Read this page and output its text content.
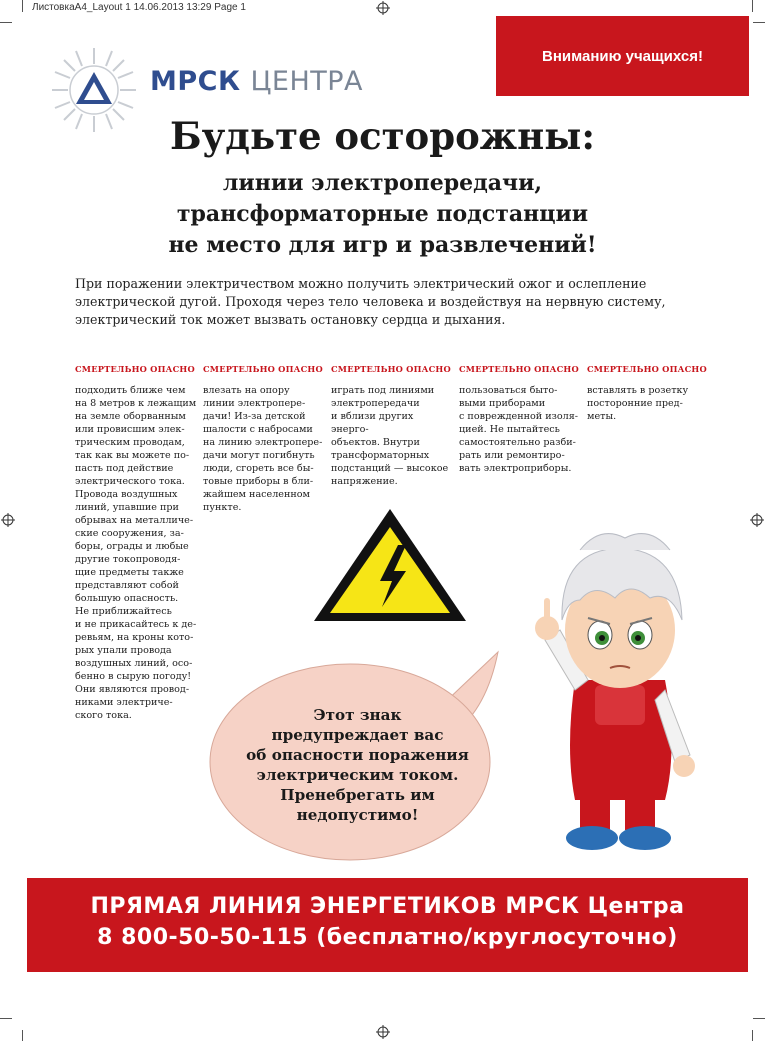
ЛистовкаА4_Layout 1 14.06.2013 13:29 Page 1
Вниманию учащихся!
МРСК ЦЕНТРА
Будьте осторожны:
линии электропередачи,
трансформаторные подстанции
не место для игр и развлечений!
При поражении электричеством можно получить электрический ожог и ослепление электрической дугой. Проходя через тело человека и воздействуя на нервную систему, электрический ток может вызвать остановку сердца и дыхания.
СМЕРТЕЛЬНО ОПАСНО
подходить ближе чем
на 8 метров к лежащим
на земле оборванным
или провисшим элек-
трическим проводам,
так как вы можете по-
пасть под действие
электрического тока.
Провода воздушных
линий, упавшие при
обрывах на металличе-
ские сооружения, за-
боры, ограды и любые
другие токопроводя-
щие предметы также
представляют собой
большую опасность.
Не приближайтесь
и не прикасайтесь к де-
ревьям, на кроны кото-
рых упали провода
воздушных линий, осо-
бенно в сырую погоду!
Они являются провод-
никами электриче-
ского тока.
СМЕРТЕЛЬНО ОПАСНО
влезать на опору
линии электропере-
дачи! Из-за детской
шалости с набросами
на линию электропере-
дачи могут погибнуть
люди, сгореть все бы-
товые приборы в бли-
жайшем населенном
пункте.
СМЕРТЕЛЬНО ОПАСНО
играть под линиями
электропередачи
и вблизи других энерго-
объектов. Внутри
трансформаторных
подстанций — высокое
напряжение.
СМЕРТЕЛЬНО ОПАСНО
пользоваться быто-
выми приборами
с поврежденной изоля-
цией. Не пытайтесь
самостоятельно разби-
рать или ремонтиро-
вать электроприборы.
СМЕРТЕЛЬНО ОПАСНО
вставлять в розетку
посторонние пред-
меты.
Этот знак
предупреждает вас
об опасности поражения
электрическим током.
Пренебрегать им
недопустимо!
ПРЯМАЯ ЛИНИЯ ЭНЕРГЕТИКОВ МРСК Центра
8 800-50-50-115 (бесплатно/круглосуточно)
